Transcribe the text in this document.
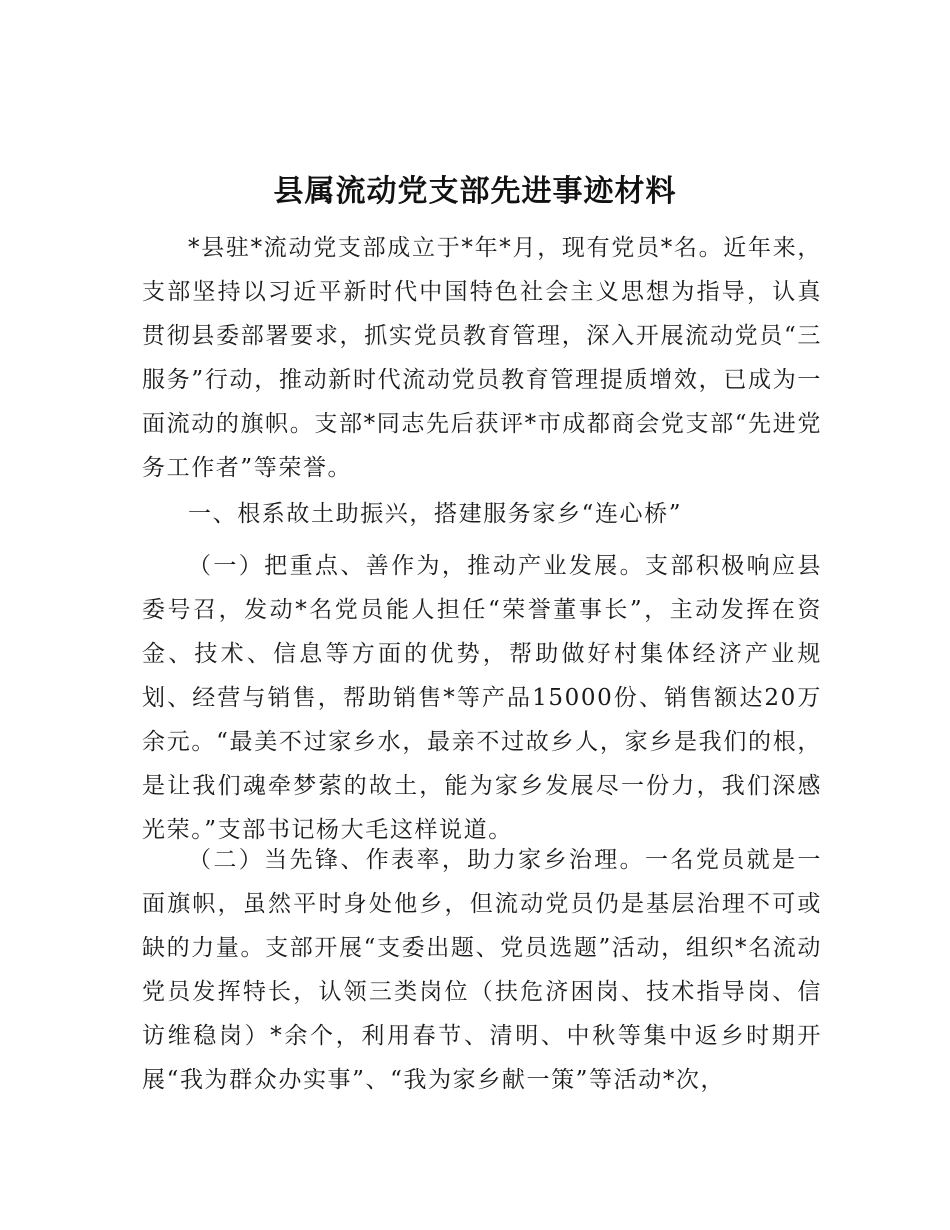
县属流动党支部先进事迹材料

*县驻*流动党支部成立于*年*月，现有党员*名。近年来，支部坚持以习近平新时代中国特色社会主义思想为指导，认真贯彻县委部署要求，抓实党员教育管理，深入开展流动党员“三服务”行动，推动新时代流动党员教育管理提质增效，已成为一面流动的旗帜。支部*同志先后获评*市成都商会党支部“先进党务工作者”等荣誉。

一、根系故土助振兴，搭建服务家乡“连心桥”

（一）把重点、善作为，推动产业发展。支部积极响应县委号召，发动*名党员能人担任“荣誉董事长”，主动发挥在资金、技术、信息等方面的优势，帮助做好村集体经济产业规划、经营与销售，帮助销售*等产品15000份、销售额达20万余元。“最美不过家乡水，最亲不过故乡人，家乡是我们的根，是让我们魂牵梦萦的故土，能为家乡发展尽一份力，我们深感光荣。”支部书记杨大毛这样说道。

（二）当先锋、作表率，助力家乡治理。一名党员就是一面旗帜，虽然平时身处他乡，但流动党员仍是基层治理不可或缺的力量。支部开展“支委出题、党员选题”活动，组织*名流动党员发挥特长，认领三类岗位（扶危济困岗、技术指导岗、信访维稳岗）*余个，利用春节、清明、中秋等集中返乡时期开展“我为群众办实事”、“我为家乡献一策”等活动*次，
